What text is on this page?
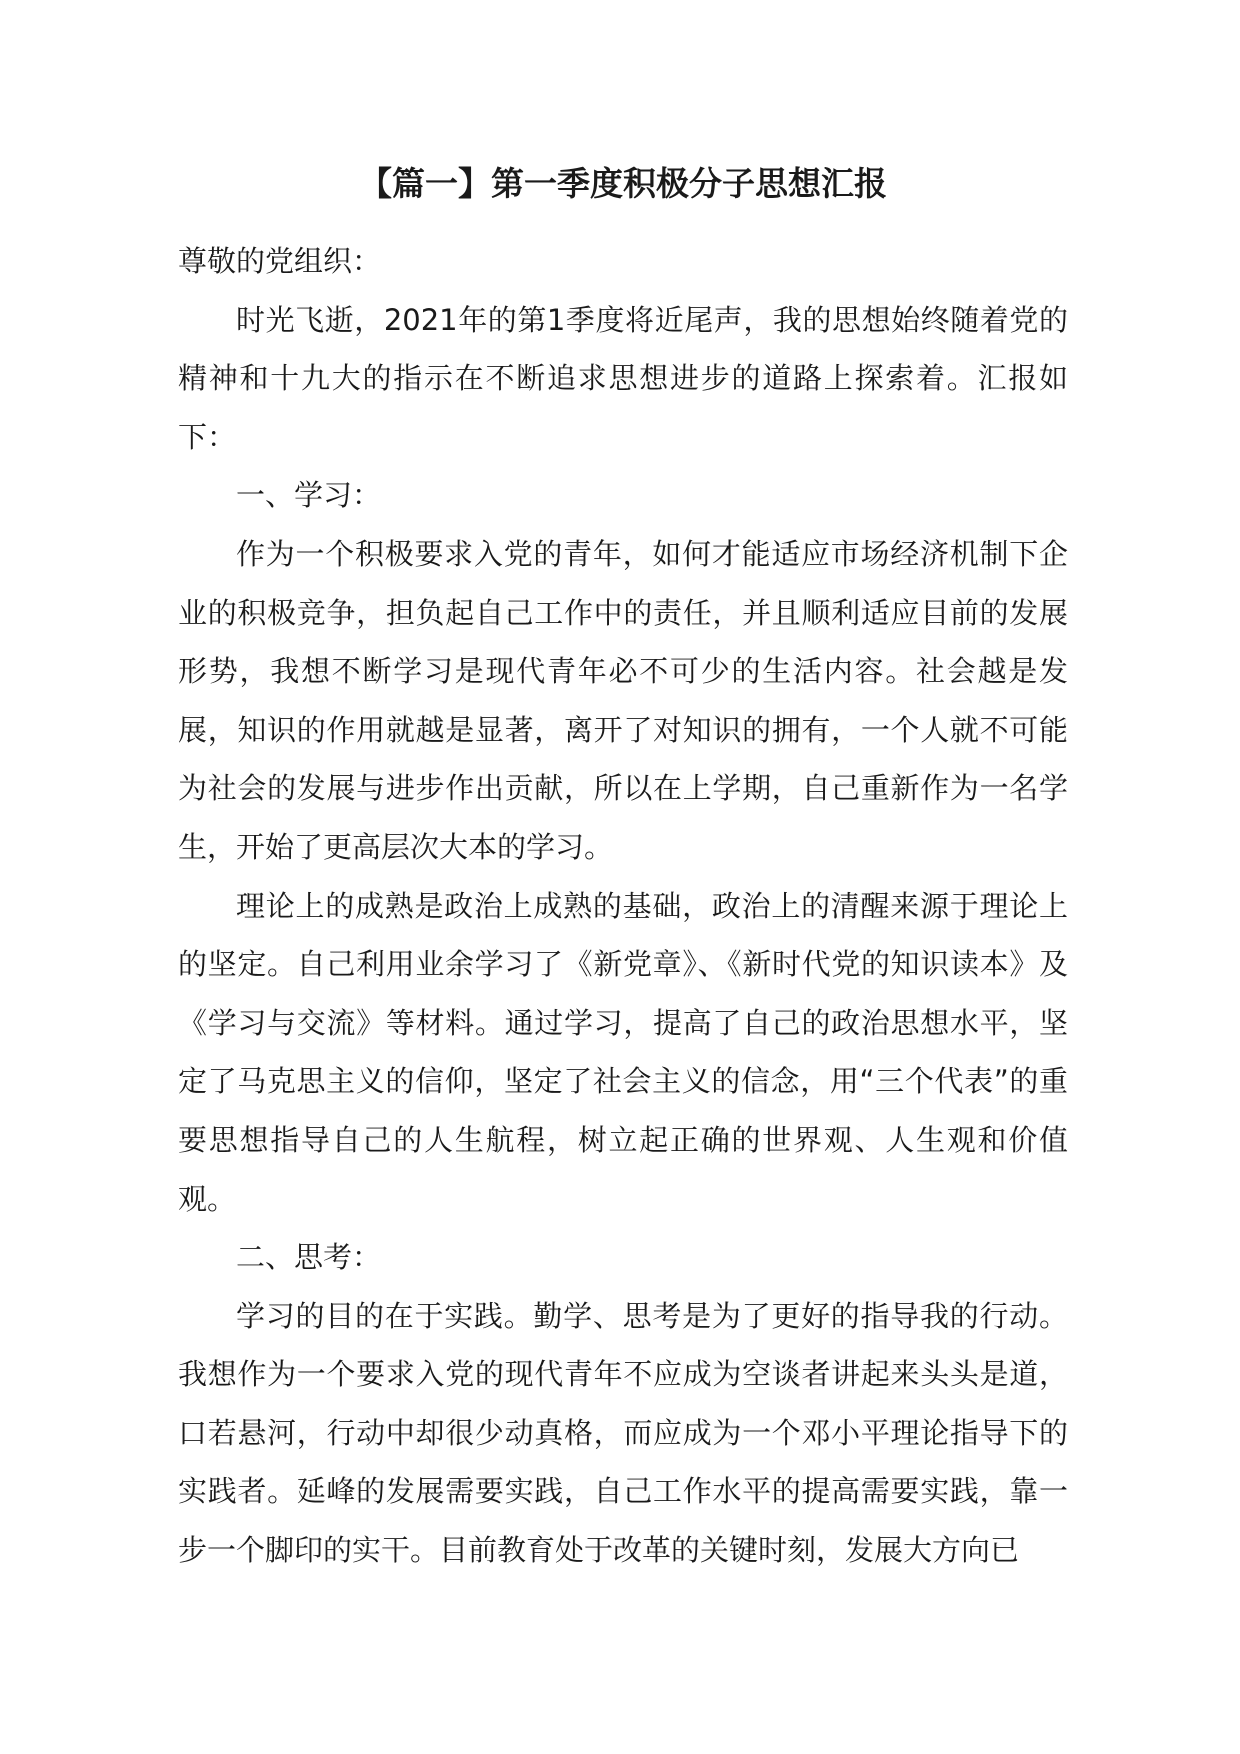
【篇一】第一季度积极分子思想汇报

尊敬的党组织：

时光飞逝，2021年的第1季度将近尾声，我的思想始终随着党的精神和十九大的指示在不断追求思想进步的道路上探索着。汇报如下：

一、学习：

作为一个积极要求入党的青年，如何才能适应市场经济机制下企业的积极竞争，担负起自己工作中的责任，并且顺利适应目前的发展形势，我想不断学习是现代青年必不可少的生活内容。社会越是发展，知识的作用就越是显著，离开了对知识的拥有，一个人就不可能为社会的发展与进步作出贡献，所以在上学期，自己重新作为一名学生，开始了更高层次大本的学习。

理论上的成熟是政治上成熟的基础，政治上的清醒来源于理论上的坚定。自己利用业余学习了《新党章》、《新时代党的知识读本》及《学习与交流》等材料。通过学习，提高了自己的政治思想水平，坚定了马克思主义的信仰，坚定了社会主义的信念，用“三个代表”的重要思想指导自己的人生航程，树立起正确的世界观、人生观和价值观。

二、思考：

学习的目的在于实践。勤学、思考是为了更好的指导我的行动。我想作为一个要求入党的现代青年不应成为空谈者讲起来头头是道，口若悬河，行动中却很少动真格，而应成为一个邓小平理论指导下的实践者。延峰的发展需要实践，自己工作水平的提高需要实践，靠一步一个脚印的实干。目前教育处于改革的关键时刻，发展大方向已
